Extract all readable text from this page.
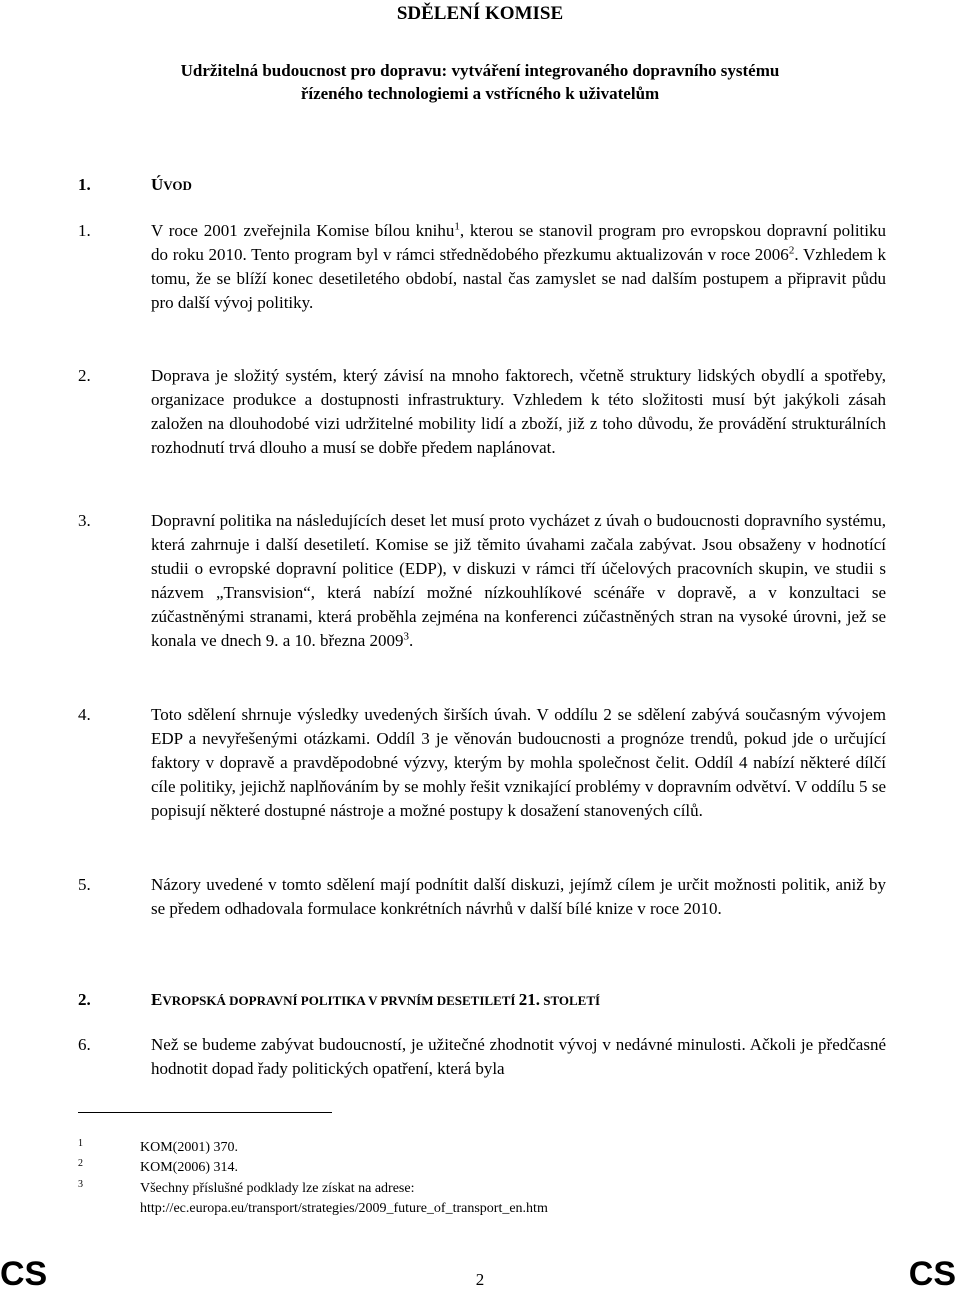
SDĚLENÍ KOMISE
Udržitelná budoucnost pro dopravu: vytváření integrovaného dopravního systému
řízeného technologiemi a vstřícného k uživatelům
1.	ÚVOD
1.	V roce 2001 zveřejnila Komise bílou knihu$^1$, kterou se stanovil program pro evropskou dopravní politiku do roku 2010. Tento program byl v rámci střednědobého přezkumu aktualizován v roce 2006$^2$. Vzhledem k tomu, že se blíží konec desetiletého období, nastal čas zamyslet se nad dalším postupem a připravit půdu pro další vývoj politiky.
2.	Doprava je složitý systém, který závisí na mnoho faktorech, včetně struktury lidských obydlí a spotřeby, organizace produkce a dostupnosti infrastruktury. Vzhledem k této složitosti musí být jakýkoli zásah založen na dlouhodobé vizi udržitelné mobility lidí a zboží, již z toho důvodu, že provádění strukturálních rozhodnutí trvá dlouho a musí se dobře předem naplánovat.
3.	Dopravní politika na následujících deset let musí proto vycházet z úvah o budoucnosti dopravního systému, která zahrnuje i další desetiletí. Komise se již těmito úvahami začala zabývat. Jsou obsaženy v hodnotící studii o evropské dopravní politice (EDP), v diskuzi v rámci tří účelových pracovních skupin, ve studii s názvem „Transvision“, která nabízí možné nízkouhlíkové scénáře v dopravě, a v konzultaci se zúčastněnými stranami, která proběhla zejména na konferenci zúčastněných stran na vysoké úrovni, jež se konala ve dnech 9. a 10. března 2009$^3$.
4.	Toto sdělení shrnuje výsledky uvedených širších úvah. V oddílu 2 se sdělení zabývá současným vývojem EDP a nevyřešenými otázkami. Oddíl 3 je věnován budoucnosti a prognóze trendů, pokud jde o určující faktory v dopravě a pravděpodobné výzvy, kterým by mohla společnost čelit. Oddíl 4 nabízí některé dílčí cíle politiky, jejichž naplňováním by se mohly řešit vznikající problémy v dopravním odvětví. V oddílu 5 se popisují některé dostupné nástroje a možné postupy k dosažení stanovených cílů.
5.	Názory uvedené v tomto sdělení mají podnítit další diskuzi, jejímž cílem je určit možnosti politik, aniž by se předem odhadovala formulace konkrétních návrhů v další bílé knize v roce 2010.
2.	EVROPSKÁ DOPRAVNÍ POLITIKA V PRVNÍM DESETILETÍ 21. STOLETÍ
6.	Než se budeme zabývat budoucností, je užitečné zhodnotit vývoj v nedávné minulosti. Ačkoli je předčasné hodnotit dopad řady politických opatření, která byla
1	KOM(2001) 370.
2	KOM(2006) 314.
3	Všechny příslušné podklady lze získat na adrese:
http://ec.europa.eu/transport/strategies/2009_future_of_transport_en.htm
CS	2	CS
